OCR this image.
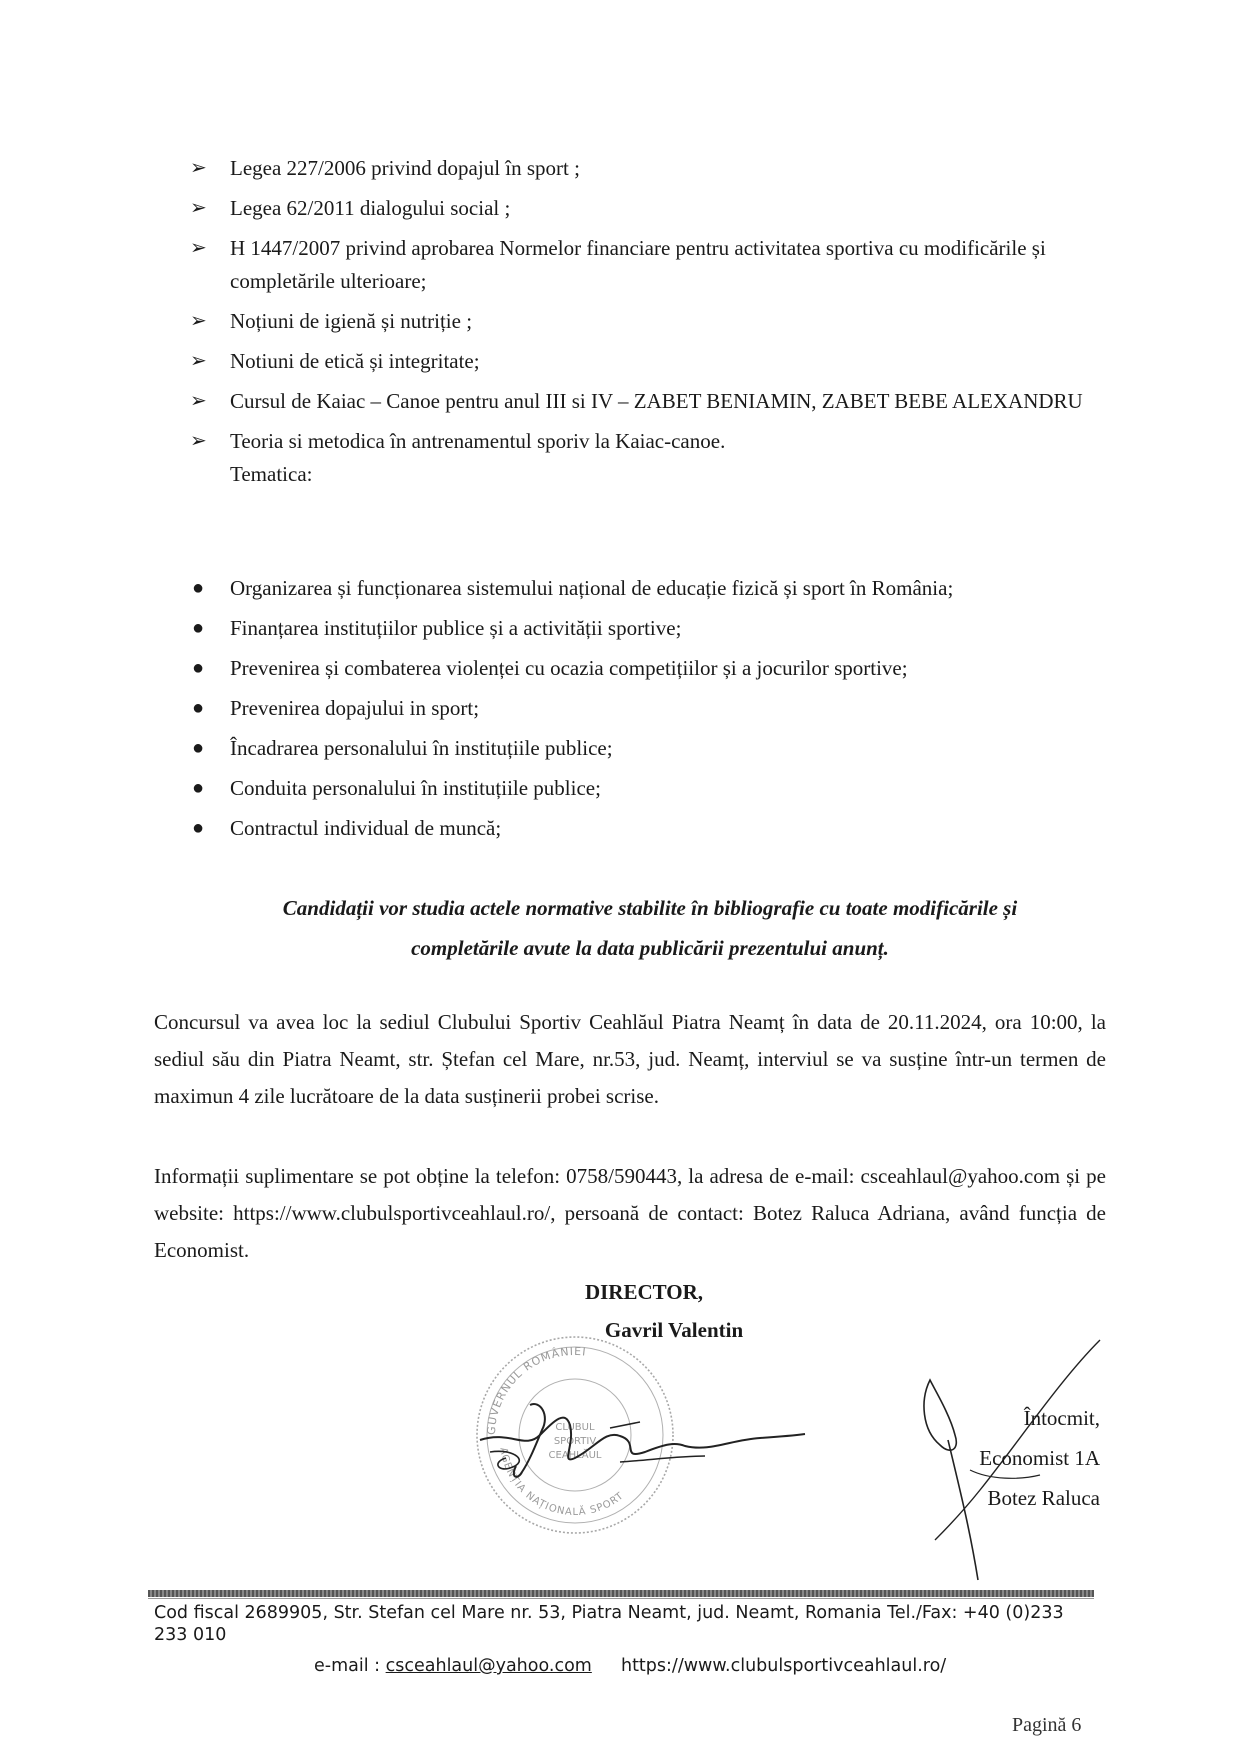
➢ Legea 227/2006 privind dopajul în sport ;
➢ Legea 62/2011 dialogului social ;
➢ H 1447/2007 privind aprobarea Normelor financiare pentru activitatea sportiva cu modificările și completările ulterioare;
➢ Noțiuni de igienă și nutriție ;
➢ Notiuni de etică și integritate;
➢ Cursul de Kaiac – Canoe pentru anul III si IV – ZABET BENIAMIN, ZABET BEBE ALEXANDRU
➢ Teoria si metodica în antrenamentul sporiv la Kaiac-canoe.
Tematica:
● Organizarea și funcționarea sistemului național de educație fizică și sport în România;
● Finanțarea instituțiilor publice și a activității sportive;
● Prevenirea și combaterea violenței cu ocazia competițiilor și a jocurilor sportive;
● Prevenirea dopajului in sport;
● Încadrarea personalului în instituțiile publice;
● Conduita personalului în instituțiile publice;
● Contractul individual de muncă;
Candidații vor studia actele normative stabilite în bibliografie cu toate modificările și
completările avute la data publicării prezentului anunț.
Concursul va avea loc la sediul Clubului Sportiv Ceahlăul Piatra Neamț în data de 20.11.2024, ora 10:00, la sediul său din Piatra Neamt, str. Ștefan cel Mare, nr.53, jud. Neamț, interviul se va susține într-un termen de maximun 4 zile lucrătoare de la data susținerii probei scrise.
Informații suplimentare se pot obține la telefon: 0758/590443, la adresa de e-mail: csceahlaul@yahoo.com și pe website: https://www.clubulsportivceahlaul.ro/, persoană de contact: Botez Raluca Adriana, având funcția de Economist.
DIRECTOR,
Gavril Valentin
GUVERNUL ROMÂNIEI
AGENȚIA NAȚIONALĂ SPORT
CLUBUL
SPORTIV
CEAHLĂUL
Întocmit,
Economist 1A
Botez Raluca
Cod fiscal 2689905, Str. Stefan cel Mare nr. 53, Piatra Neamt, jud. Neamt, Romania Tel./Fax: +40 (0)233 233 010
e-mail : csceahlaul@yahoo.com https://www.clubulsportivceahlaul.ro/
Pagină 6
